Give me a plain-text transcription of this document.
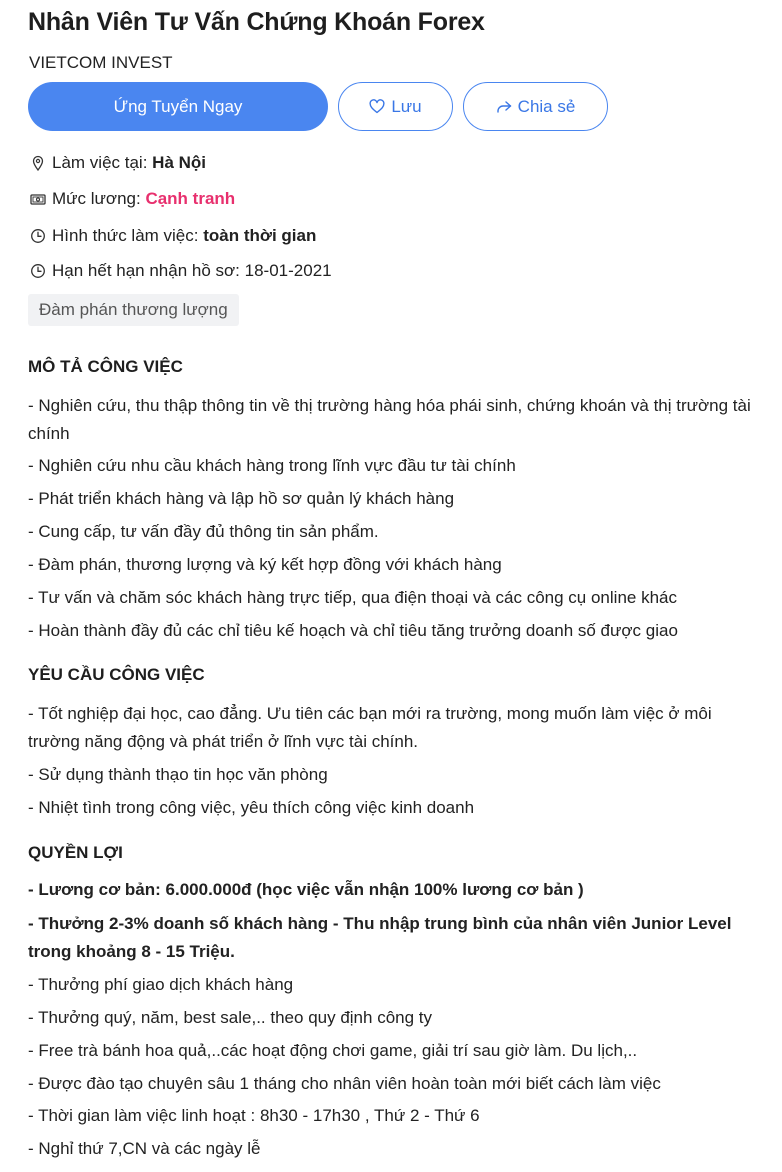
Nhân Viên Tư Vấn Chứng Khoán Forex
VIETCOM INVEST
Ứng Tuyển Ngay	Lưu	Chia sẻ
Làm việc tại:
Hà Nội
Mức lương:
Cạnh tranh
Hình thức làm việc:
toàn thời gian
Hạn hết hạn nhận hồ sơ:
18-01-2021
Đàm phán thương lượng
MÔ TẢ CÔNG VIỆC
- Nghiên cứu, thu thập thông tin về thị trường hàng hóa phái sinh, chứng khoán và thị trường tài chính
- Nghiên cứu nhu cầu khách hàng trong lĩnh vực đầu tư tài chính
- Phát triển khách hàng và lập hồ sơ quản lý khách hàng
- Cung cấp, tư vấn đầy đủ thông tin sản phẩm.
- Đàm phán, thương lượng và ký kết hợp đồng với khách hàng
- Tư vấn và chăm sóc khách hàng trực tiếp, qua điện thoại và các công cụ online khác
- Hoàn thành đầy đủ các chỉ tiêu kế hoạch và chỉ tiêu tăng trưởng doanh số được giao
YÊU CẦU CÔNG VIỆC
- Tốt nghiệp đại học, cao đẳng. Ưu tiên các bạn mới ra trường, mong muốn làm việc ở môi trường năng động và phát triển ở lĩnh vực tài chính.
- Sử dụng thành thạo tin học văn phòng
- Nhiệt tình trong công việc, yêu thích công việc kinh doanh
QUYỀN LỢI
- Lương cơ bản: 6.000.000đ (học việc vẫn nhận 100% lương cơ bản )
- Thưởng 2-3% doanh số khách hàng - Thu nhập trung bình của nhân viên Junior Level trong khoảng 8 - 15 Triệu.
- Thưởng phí giao dịch khách hàng
- Thưởng quý, năm, best sale,.. theo quy định công ty
- Free trà bánh hoa quả,..các hoạt động chơi game, giải trí sau giờ làm. Du lịch,..
- Được đào tạo chuyên sâu 1 tháng cho nhân viên hoàn toàn mới biết cách làm việc
- Thời gian làm việc linh hoạt : 8h30 - 17h30 , Thứ 2 - Thứ 6
- Nghỉ thứ 7,CN và các ngày lễ
